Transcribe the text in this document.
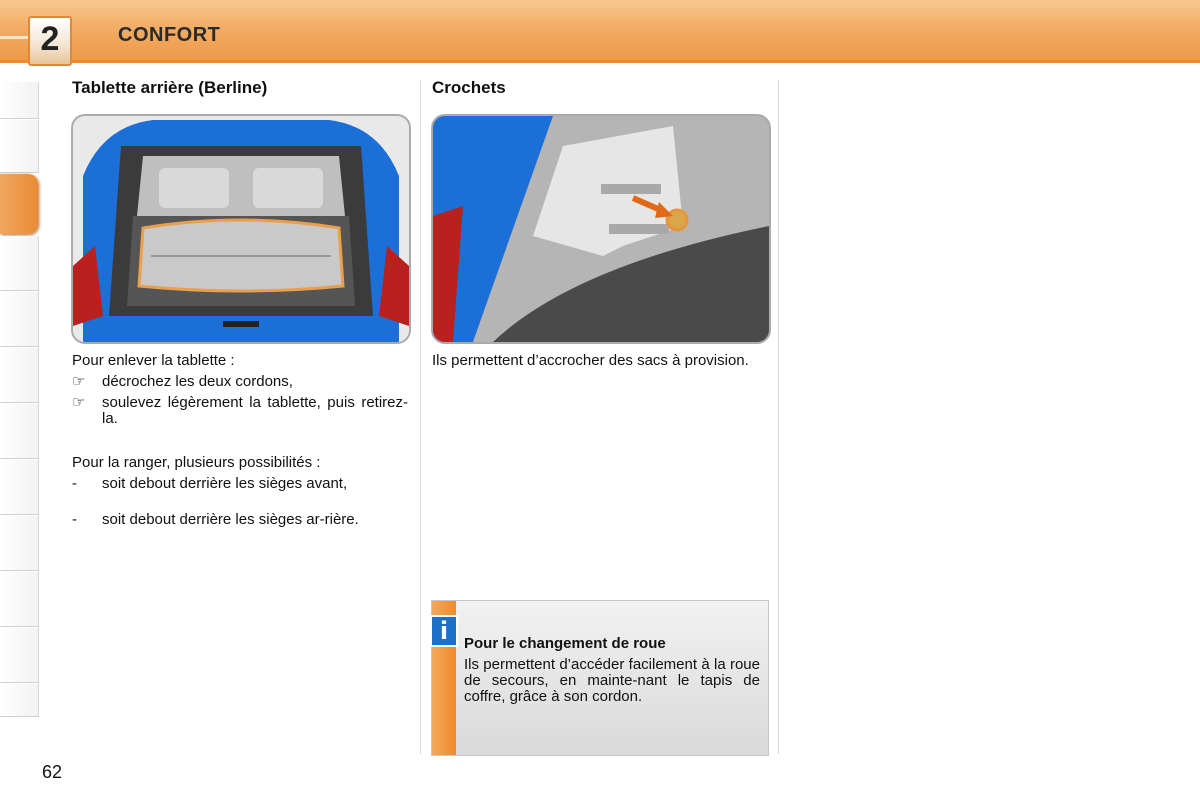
2	CONFORT
Tablette arrière (Berline)
Pour enlever la tablette :
☞	décrochez les deux cordons,
☞	soulevez légèrement la tablette, puis retirez-la.
Pour la ranger, plusieurs possibilités :
-	soit debout derrière les sièges avant,
-	soit debout derrière les sièges ar-rière.
Crochets
Ils permettent d’accrocher des sacs à provision.
i	Pour le changement de roue
Ils permettent d’accéder facilement à la roue de secours, en mainte-nant le tapis de coffre, grâce à son cordon.
62
